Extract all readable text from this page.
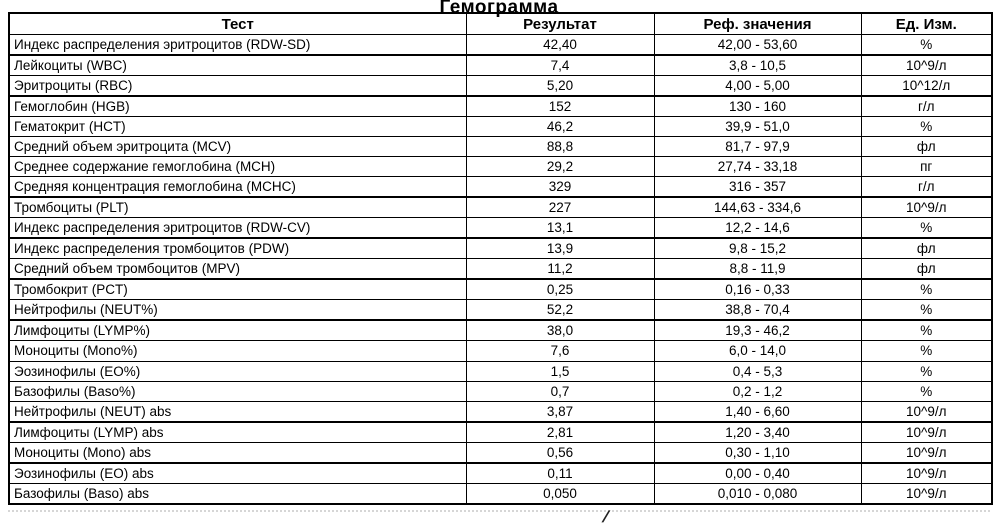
Гемограмма
Тест	Результат	Реф. значения	Ед. Изм.
Индекс распределения эритроцитов (RDW-SD)	42,40	42,00 - 53,60	%
Лейкоциты (WBC)	7,4	3,8 - 10,5	10^9/л
Эритроциты (RBC)	5,20	4,00 - 5,00	10^12/л
Гемоглобин (HGB)	152	130 - 160	г/л
Гематокрит (HCT)	46,2	39,9 - 51,0	%
Средний объем эритроцита (MCV)	88,8	81,7 - 97,9	фл
Среднее содержание гемоглобина (MCH)	29,2	27,74 - 33,18	пг
Средняя концентрация гемоглобина (MCHC)	329	316 - 357	г/л
Тромбоциты (PLT)	227	144,63 - 334,6	10^9/л
Индекс распределения эритроцитов (RDW-CV)	13,1	12,2 - 14,6	%
Индекс распределения тромбоцитов (PDW)	13,9	9,8 - 15,2	фл
Средний объем тромбоцитов (MPV)	11,2	8,8 - 11,9	фл
Тромбокрит (PCT)	0,25	0,16 - 0,33	%
Нейтрофилы (NEUT%)	52,2	38,8 - 70,4	%
Лимфоциты (LYMP%)	38,0	19,3 - 46,2	%
Моноциты (Mono%)	7,6	6,0 - 14,0	%
Эозинофилы (EO%)	1,5	0,4 - 5,3	%
Базофилы (Baso%)	0,7	0,2 - 1,2	%
Нейтрофилы (NEUT) abs	3,87	1,40 - 6,60	10^9/л
Лимфоциты (LYMP) abs	2,81	1,20 - 3,40	10^9/л
Моноциты (Mono) abs	0,56	0,30 - 1,10	10^9/л
Эозинофилы (EO) abs	0,11	0,00 - 0,40	10^9/л
Базофилы (Baso) abs	0,050	0,010 - 0,080	10^9/л
/
